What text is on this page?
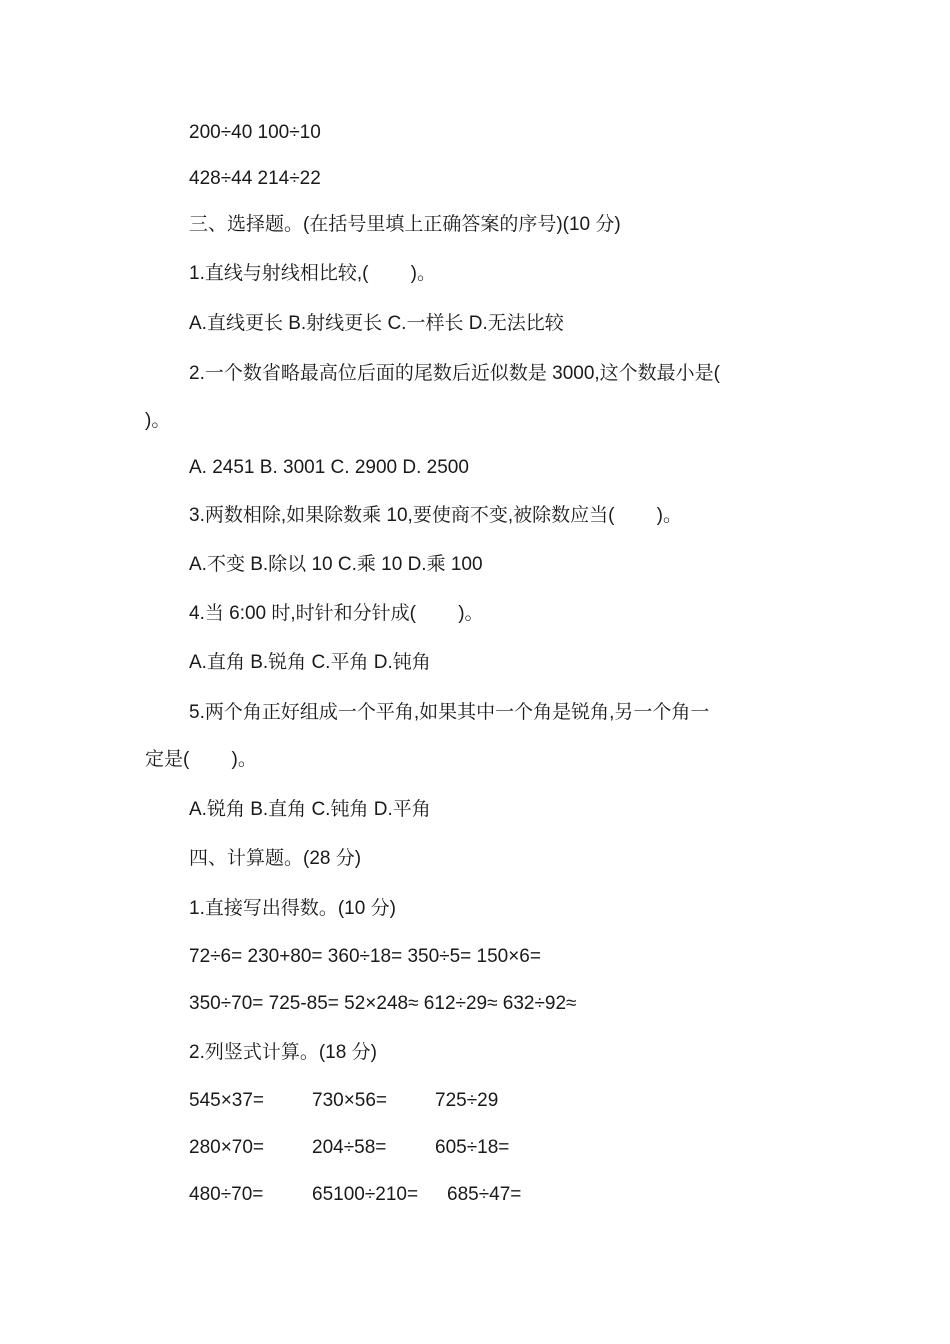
200÷40 100÷10
428÷44 214÷22
三、选择题。(在括号里填上正确答案的序号)(10 分)
1.直线与射线相比较,(        )。
A.直线更长 B.射线更长 C.一样长 D.无法比较
2.一个数省略最高位后面的尾数后近似数是 3000,这个数最小是(
)。
A. 2451 B. 3001 C. 2900 D. 2500
3.两数相除,如果除数乘 10,要使商不变,被除数应当(        )。
A.不变 B.除以 10 C.乘 10 D.乘 100
4.当 6:00 时,时针和分针成(        )。
A.直角 B.锐角 C.平角 D.钝角
5.两个角正好组成一个平角,如果其中一个角是锐角,另一个角一
定是(        )。
A.锐角 B.直角 C.钝角 D.平角
四、计算题。(28 分)
1.直接写出得数。(10 分)
72÷6= 230+80= 360÷18= 350÷5= 150×6=
350÷70= 725-85= 52×248≈ 612÷29≈ 632÷92≈
2.列竖式计算。(18 分)
545×37=	730×56=	725÷29
280×70=	204÷58=	605÷18=
480÷70=	65100÷210= 685÷47=
